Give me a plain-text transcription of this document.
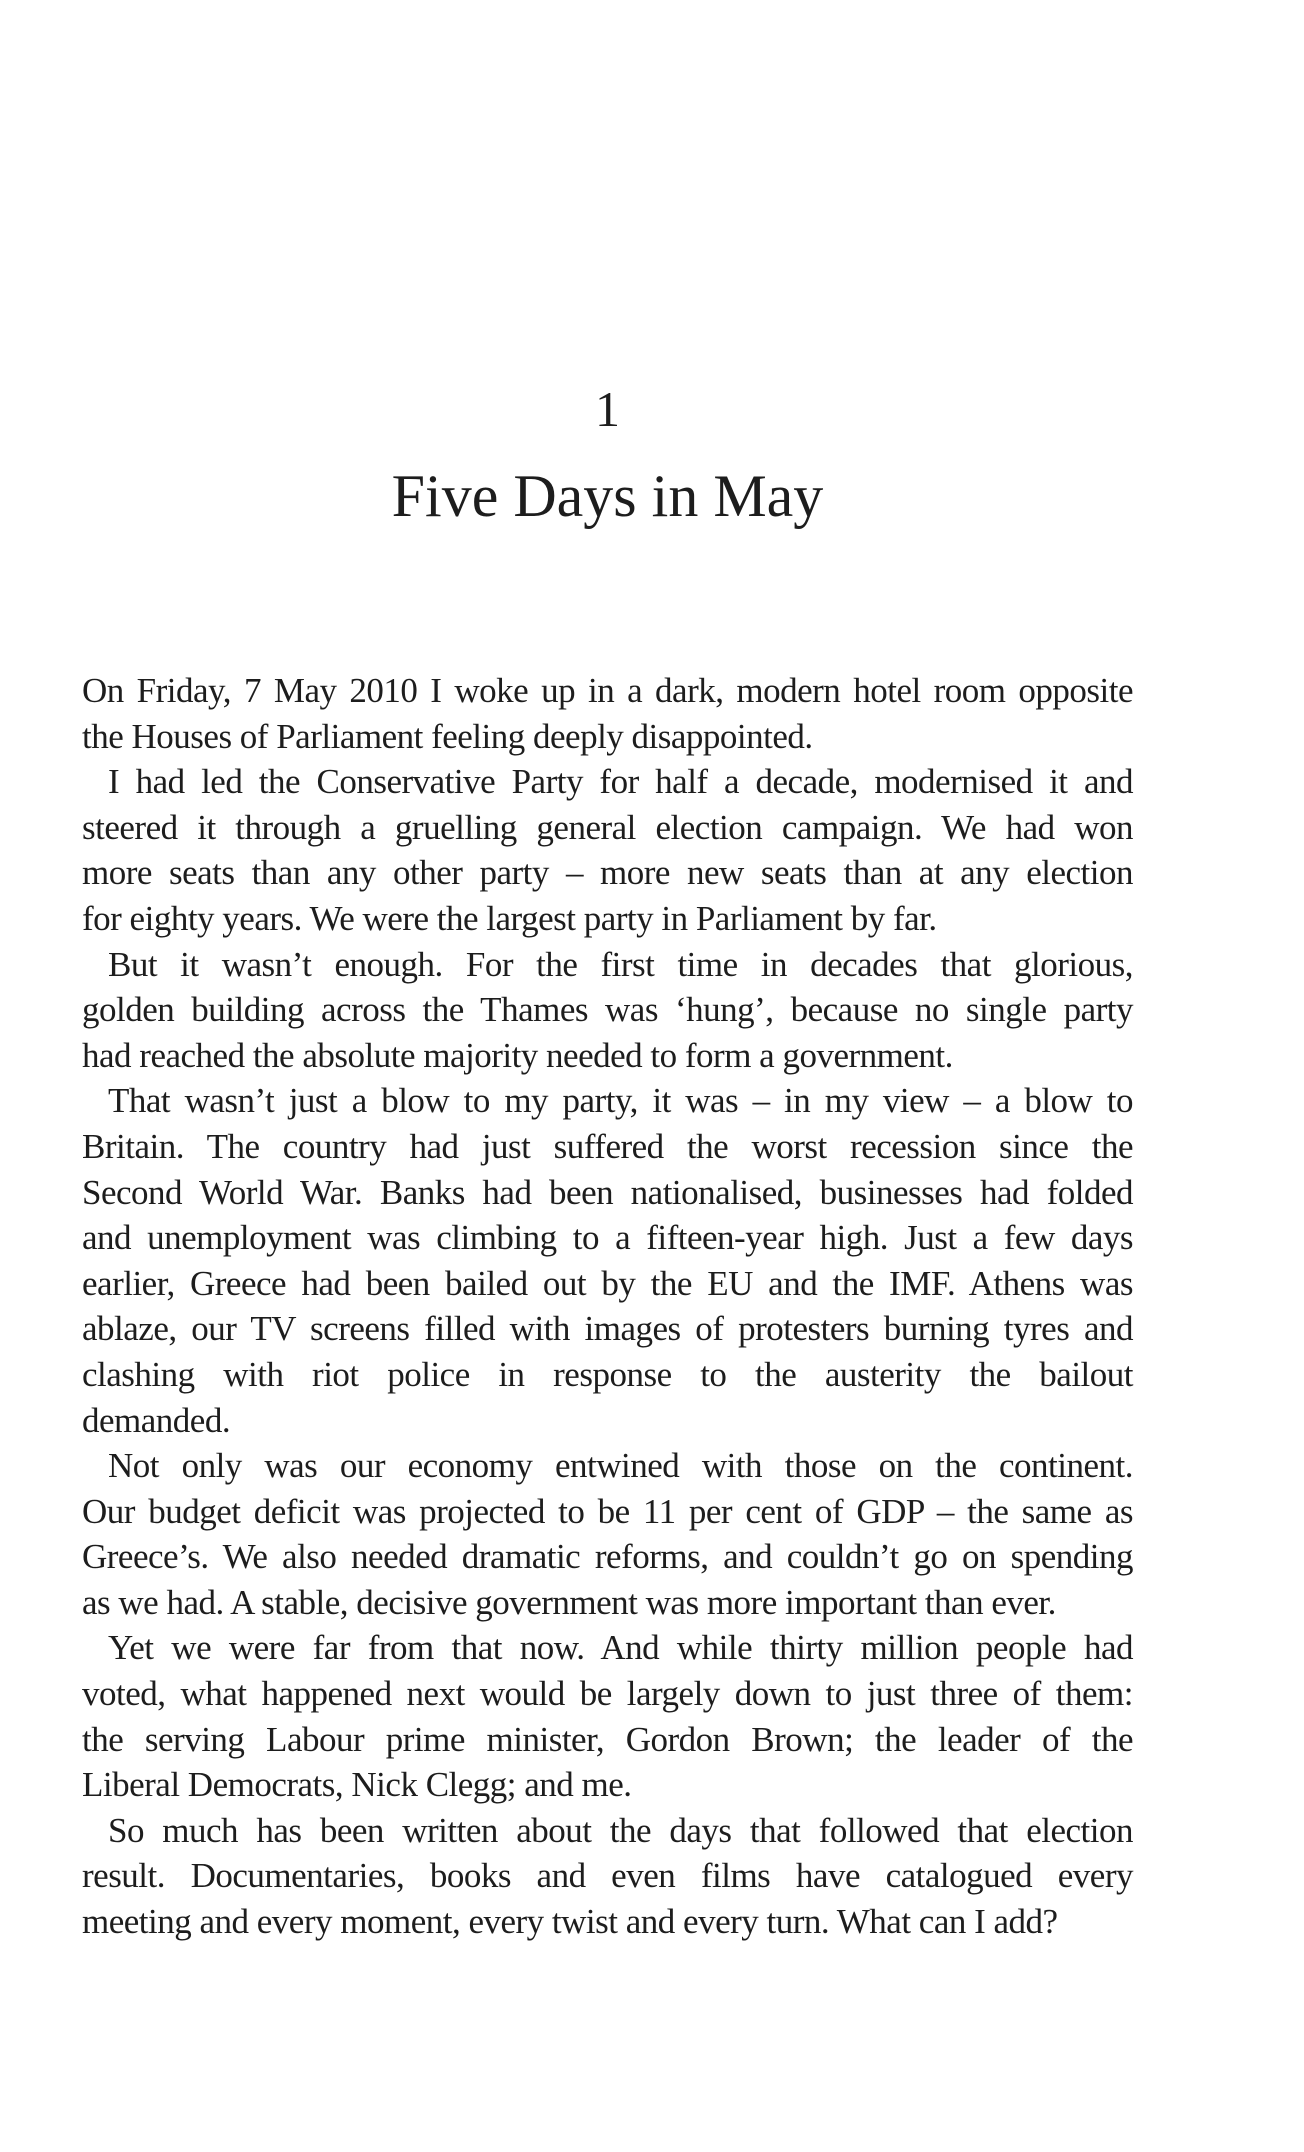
1
Five Days in May

On Friday, 7 May 2010 I woke up in a dark, modern hotel room opposite
the Houses of Parliament feeling deeply disappointed.

I had led the Conservative Party for half a decade, modernised it and
steered it through a gruelling general election campaign. We had won
more seats than any other party – more new seats than at any election
for eighty years. We were the largest party in Parliament by far.

But it wasn’t enough. For the first time in decades that glorious,
golden building across the Thames was ‘hung’, because no single party
had reached the absolute majority needed to form a government.

That wasn’t just a blow to my party, it was – in my view – a blow to
Britain. The country had just suffered the worst recession since the
Second World War. Banks had been nationalised, businesses had folded
and unemployment was climbing to a fifteen-year high. Just a few days
earlier, Greece had been bailed out by the EU and the IMF. Athens was
ablaze, our TV screens filled with images of protesters burning tyres and
clashing with riot police in response to the austerity the bailout
demanded.

Not only was our economy entwined with those on the continent.
Our budget deficit was projected to be 11 per cent of GDP – the same as
Greece’s. We also needed dramatic reforms, and couldn’t go on spending
as we had. A stable, decisive government was more important than ever.

Yet we were far from that now. And while thirty million people had
voted, what happened next would be largely down to just three of them:
the serving Labour prime minister, Gordon Brown; the leader of the
Liberal Democrats, Nick Clegg; and me.

So much has been written about the days that followed that election
result. Documentaries, books and even films have catalogued every
meeting and every moment, every twist and every turn. What can I add?
